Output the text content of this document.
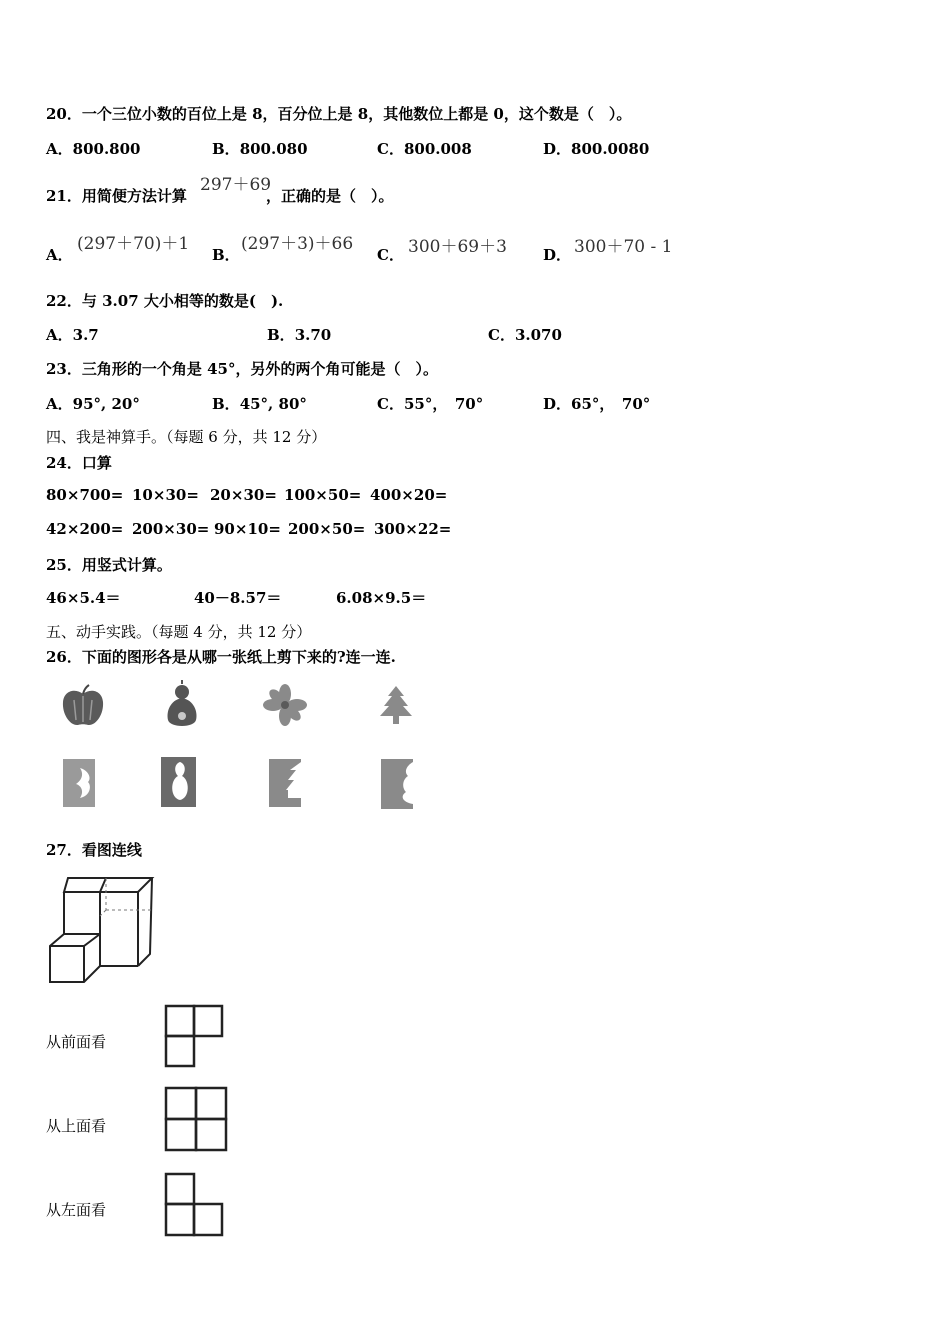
20．一个三位小数的百位上是 8，百分位上是 8，其他数位上都是 0，这个数是（　）。
A．800.800	B．800.080	C．800.008	D．800.0080
21．用简便方法计算
297＋69
，正确的是（　）。
A．
(297＋70)＋1
B．
(297＋3)＋66
C． 300＋69＋3 D． 300＋70 - 1
22．与 3.07 大小相等的数是(　).
A．3.7	B．3.70	C．3.070
23．三角形的一个角是 45°，另外的两个角可能是（　）。
A．95°, 20°	B．45°, 80°	C．55°，　70°	D．65°，　70°
四、我是神算手。（每题 6 分，共 12 分）
24．口算
80×700= 10×30= 20×30= 100×50= 400×20=
42×200= 200×30= 90×10= 200×50= 300×22=
25．用竖式计算。
46×5.4＝	40－8.57＝	6.08×9.5＝
五、动手实践。（每题 4 分，共 12 分）
26．下面的图形各是从哪一张纸上剪下来的?连一连.
27．看图连线
从前面看
从上面看
从左面看
